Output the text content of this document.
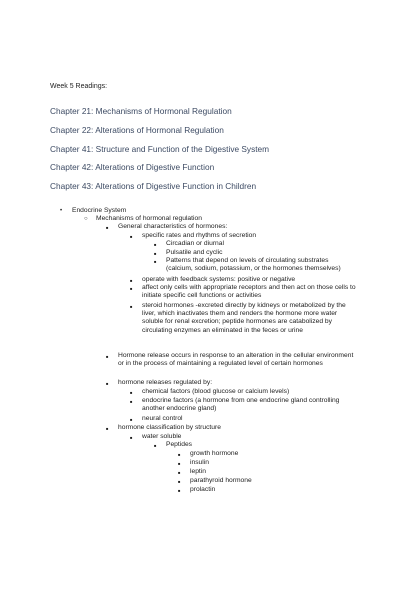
Week 5 Readings:
Chapter 21: Mechanisms of Hormonal Regulation
Chapter 22: Alterations of Hormonal Regulation
Chapter 41: Structure and Function of the Digestive System
Chapter 42: Alterations of Digestive Function
Chapter 43: Alterations of Digestive Function in Children
• Endocrine System
○ Mechanisms of hormonal regulation
■ General characteristics of hormones:
■ specific rates and rhythms of secretion
■ Circadian or diurnal
■ Pulsatile and cyclic
■ Patterns that depend on levels of circulating substrates (calcium, sodium, potassium, or the hormones themselves)
■ operate with feedback systems: positive or negative
■ affect only cells with appropriate receptors and then act on those cells to initiate specific cell functions or activities
■ steroid hormones -excreted directly by kidneys or metabolized by the liver, which inactivates them and renders the hormone more water soluble for renal excretion; peptide hormones are catabolized by circulating enzymes an eliminated in the feces or urine
■ Hormone release occurs in response to an alteration in the cellular environment or in the process of maintaining a regulated level of certain hormones
■ hormone releases regulated by:
■ chemical factors (blood glucose or calcium levels)
■ endocrine factors (a hormone from one endocrine gland controlling another endocrine gland)
■ neural control
■ hormone classification by structure
■ water soluble
■ Peptides
■ growth hormone
■ insulin
■ leptin
■ parathyroid hormone
■ prolactin
